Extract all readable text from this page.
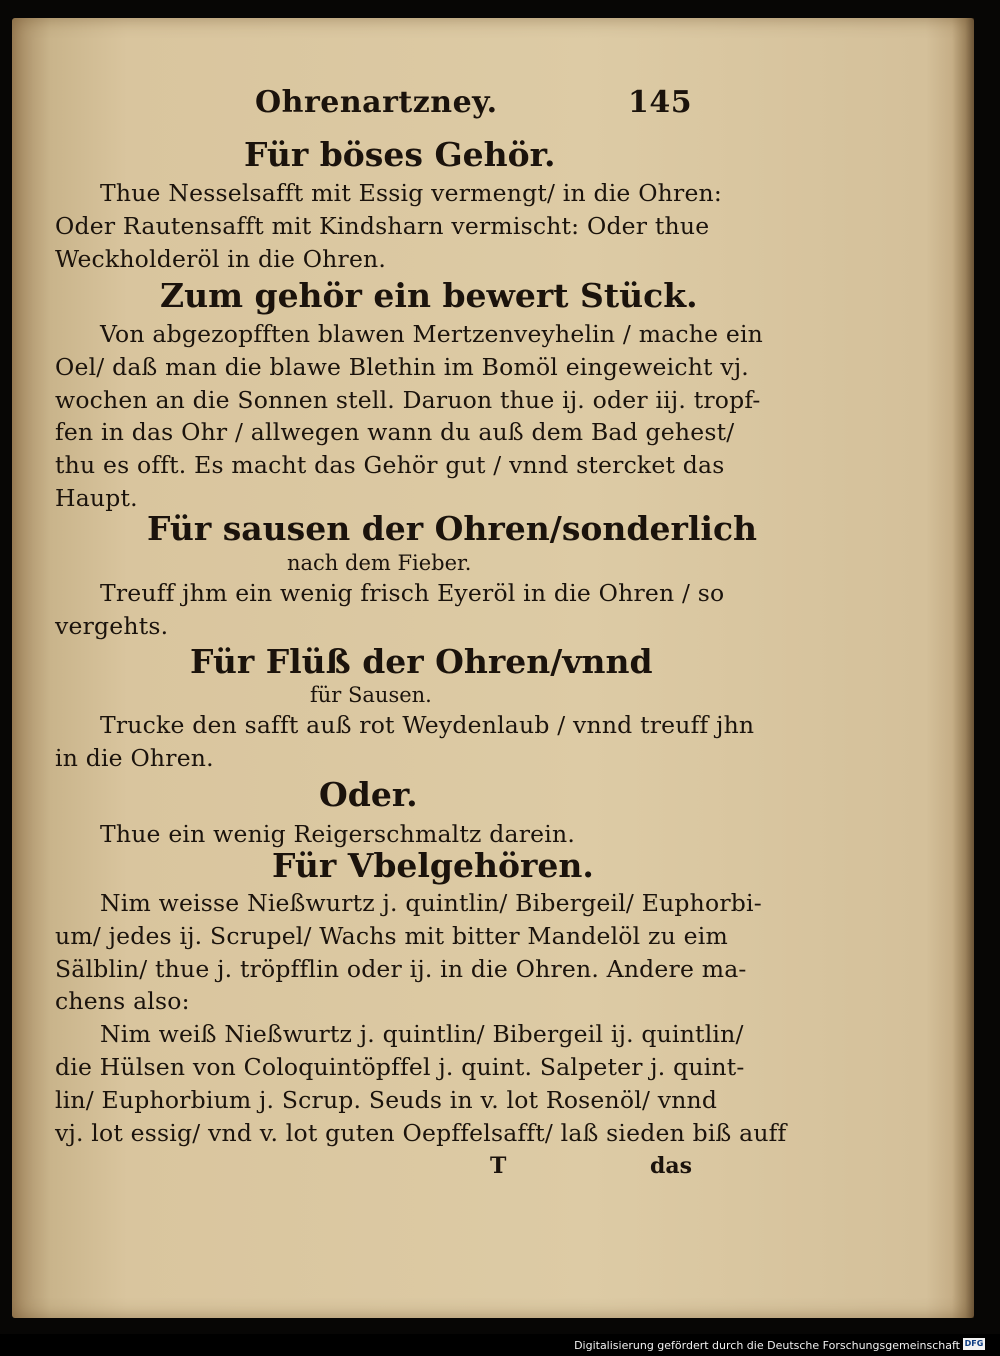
Ohrenartzney.	145
Für böses Gehör.
Thue Nesselsafft mit Essig vermengt/ in die Ohren:
Oder Rautensafft mit Kindsharn vermischt: Oder thue
Weckholderöl in die Ohren.
Zum gehör ein bewert Stück.
Von abgezopfften blawen Mertzenveyhelin / mache ein
Oel/ daß man die blawe Blethin im Bomöl eingeweicht vj.
wochen an die Sonnen stell. Daruon thue ij. oder iij. tropf-
fen in das Ohr / allwegen wann du auß dem Bad gehest/
thu es offt. Es macht das Gehör gut / vnnd stercket das
Haupt.
Für sausen der Ohren/sonderlich
nach dem Fieber.
Treuff jhm ein wenig frisch Eyeröl in die Ohren / so
vergehts.
Für Flüß der Ohren/vnnd
für Sausen.
Trucke den safft auß rot Weydenlaub / vnnd treuff jhn
in die Ohren.
Oder.
Thue ein wenig Reigerschmaltz darein.
Für Vbelgehören.
Nim weisse Nießwurtz j. quintlin/ Bibergeil/ Euphorbi-
um/ jedes ij. Scrupel/ Wachs mit bitter Mandelöl zu eim
Sälblin/ thue j. tröpfflin oder ij. in die Ohren. Andere ma-
chens also:
Nim weiß Nießwurtz j. quintlin/ Bibergeil ij. quintlin/
die Hülsen von Coloquintöpffel j. quint. Salpeter j. quint-
lin/ Euphorbium j. Scrup. Seuds in v. lot Rosenöl/ vnnd
vj. lot essig/ vnd v. lot guten Oepffelsafft/ laß sieden biß auff
T	das
Digitalisierung gefördert durch die Deutsche Forschungsgemeinschaft DFG
